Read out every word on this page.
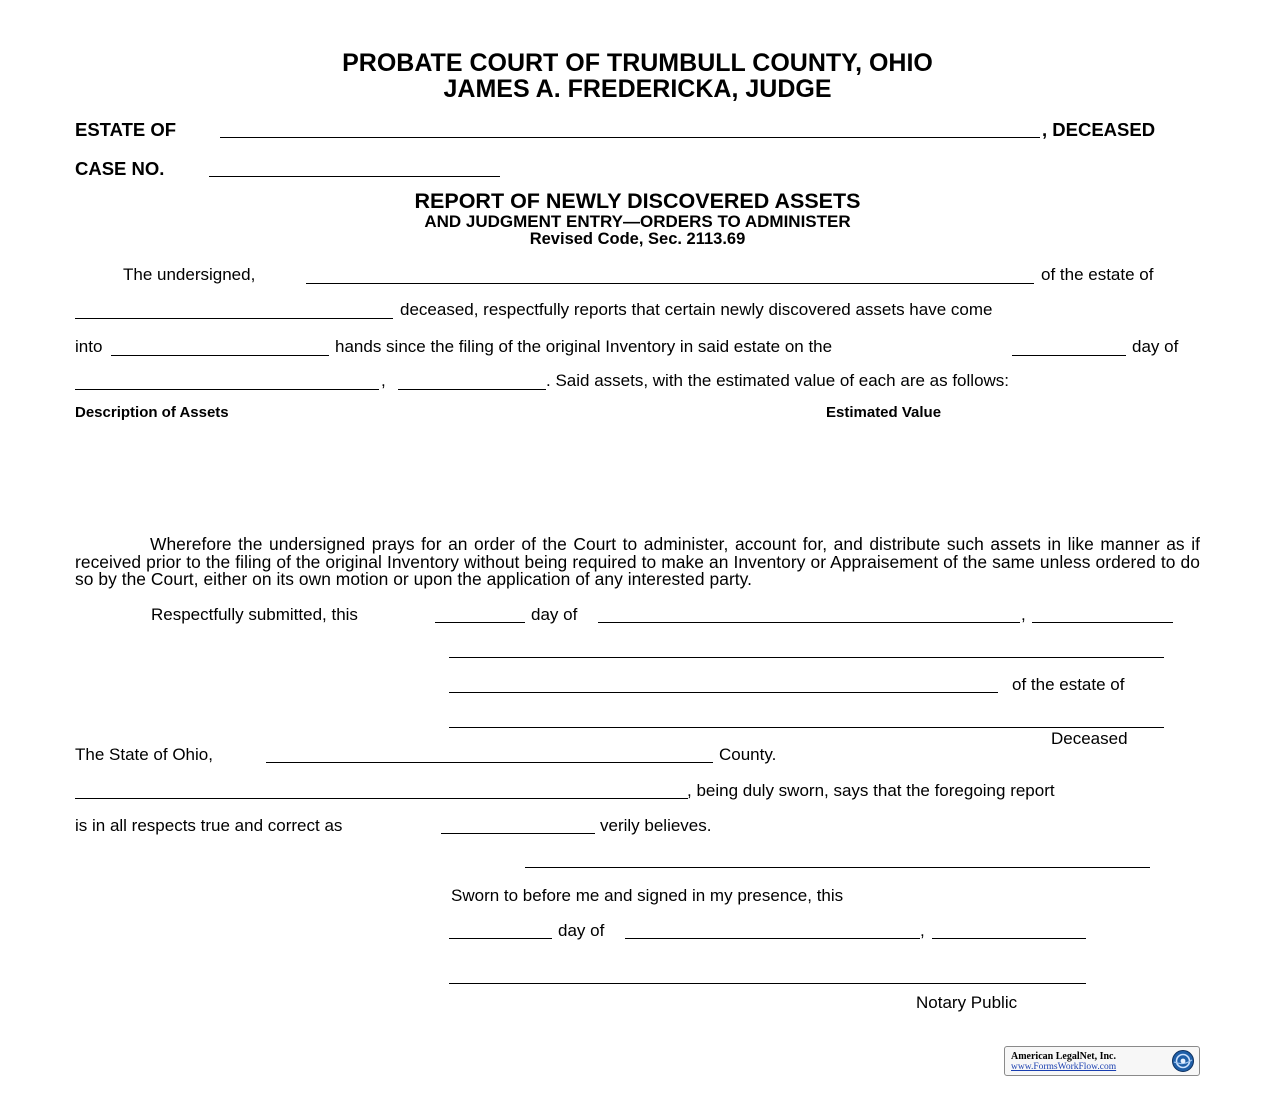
PROBATE COURT OF TRUMBULL COUNTY, OHIO
JAMES A. FREDERICKA, JUDGE
ESTATE OF	, DECEASED
CASE NO.
REPORT OF NEWLY DISCOVERED ASSETS
AND JUDGMENT ENTRY—ORDERS TO ADMINISTER
Revised Code, Sec. 2113.69
The undersigned,	of the estate of
deceased, respectfully reports that certain newly discovered assets have come
into	hands since the filing of the original Inventory in said estate on the	day of
,	. Said assets, with the estimated value of each are as follows:
Description of Assets	Estimated Value
Wherefore the undersigned prays for an order of the Court to administer, account for, and distribute such assets in like manner as if received prior to the filing of the original Inventory without being required to make an Inventory or Appraisement of the same unless ordered to do so by the Court, either on its own motion or upon the application of any interested party.
Respectfully submitted, this	day of	,
of the estate of
Deceased
The State of Ohio,	County.
, being duly sworn, says that the foregoing report
is in all respects true and correct as	verily believes.
Sworn to before me and signed in my presence, this
day of	,
Notary Public
American LegalNet, Inc.
www.FormsWorkFlow.com
